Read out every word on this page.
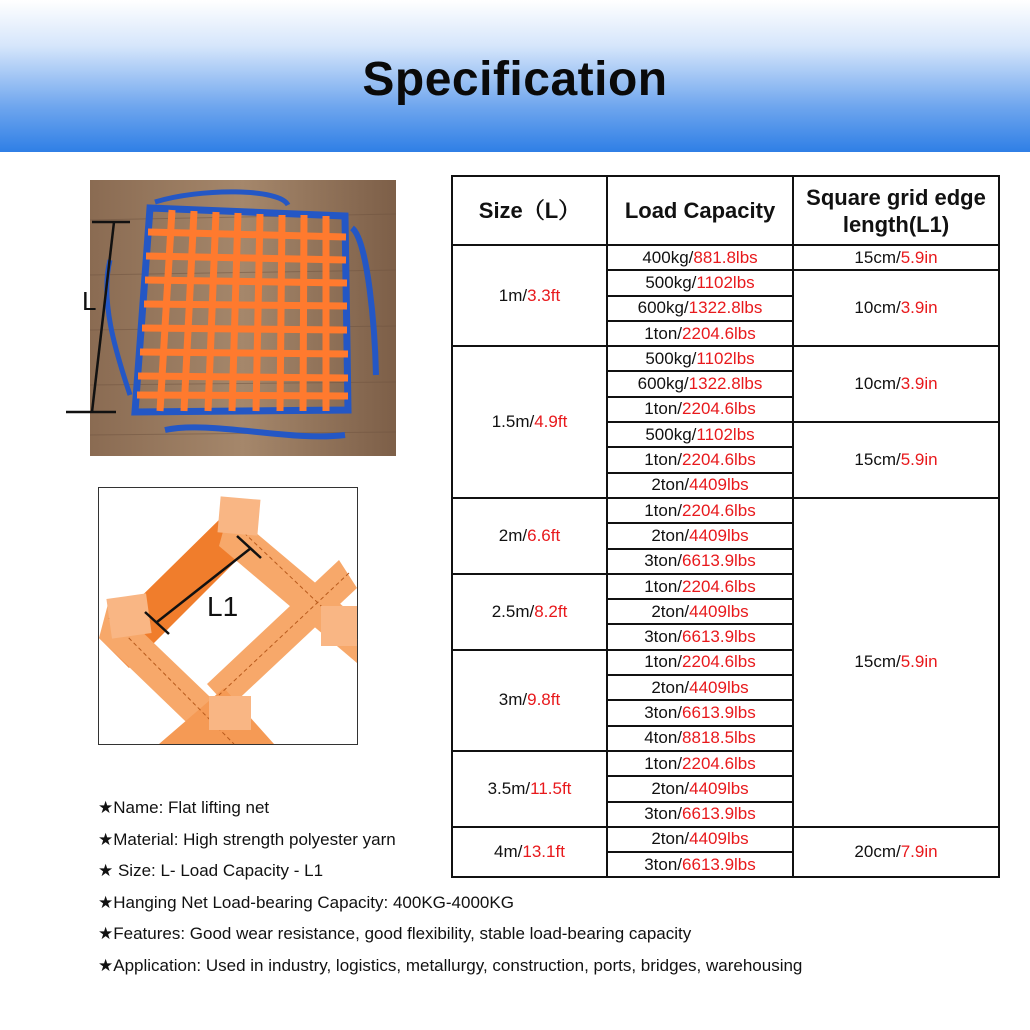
Specification
L
L1
Size（L）	Load Capacity	Square grid edge length(L1)
1m/3.3ft	400kg/881.8lbs	15cm/5.9in
	500kg/1102lbs	10cm/3.9in
	600kg/1322.8lbs	
	1ton/2204.6lbs	
1.5m/4.9ft	500kg/1102lbs	10cm/3.9in
	600kg/1322.8lbs	
	1ton/2204.6lbs	
	500kg/1102lbs	15cm/5.9in
	1ton/2204.6lbs	
	2ton/4409lbs	
2m/6.6ft	1ton/2204.6lbs	15cm/5.9in
	2ton/4409lbs	
	3ton/6613.9lbs	
2.5m/8.2ft	1ton/2204.6lbs	
	2ton/4409lbs	
	3ton/6613.9lbs	
3m/9.8ft	1ton/2204.6lbs	
	2ton/4409lbs	
	3ton/6613.9lbs	
	4ton/8818.5lbs	
3.5m/11.5ft	1ton/2204.6lbs	
	2ton/4409lbs	
	3ton/6613.9lbs	
4m/13.1ft	2ton/4409lbs	20cm/7.9in
	3ton/6613.9lbs	
★Name: Flat lifting net
★Material: High strength polyester yarn
★ Size: L- Load Capacity - L1
★Hanging Net Load-bearing Capacity: 400KG-4000KG
★Features: Good wear resistance, good flexibility, stable load-bearing capacity
★Application: Used in industry, logistics, metallurgy, construction, ports, bridges, warehousing
